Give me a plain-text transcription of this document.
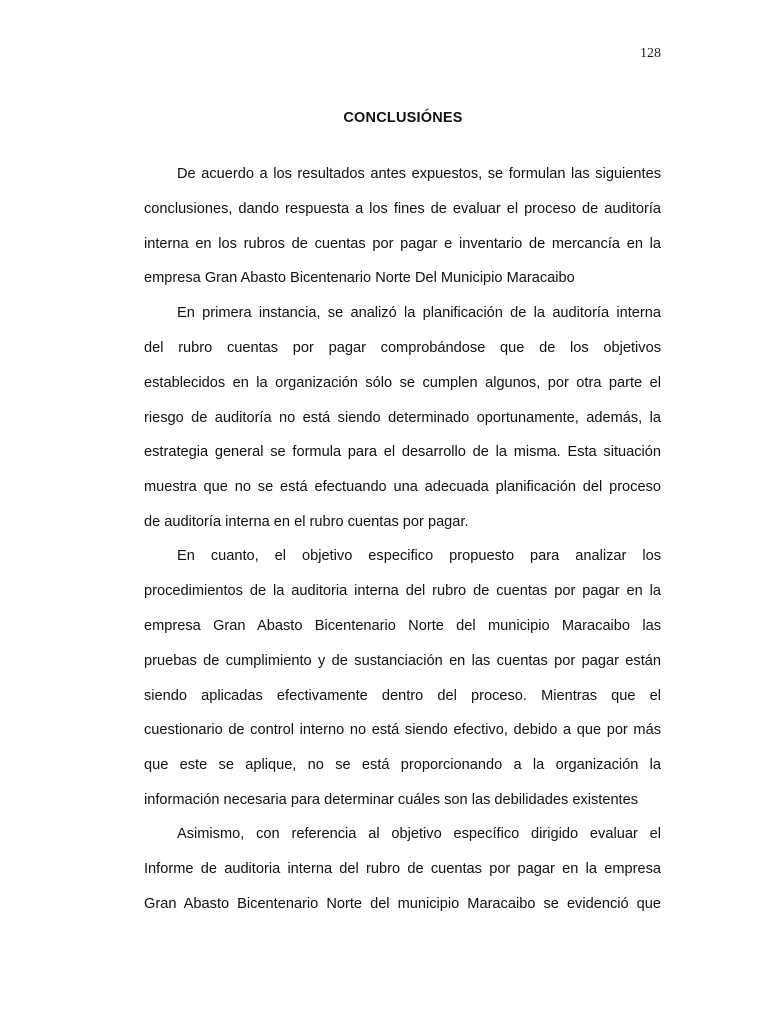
128
CONCLUSIÓNES
De acuerdo a los resultados antes expuestos, se formulan las siguientes
conclusiones, dando respuesta a los fines de evaluar el proceso de auditoría
interna en los rubros de cuentas por pagar e inventario de mercancía en la
empresa Gran Abasto Bicentenario Norte Del Municipio Maracaibo
En primera instancia, se analizó la planificación de la auditoría interna
del rubro cuentas por pagar comprobándose que de los objetivos
establecidos en la organización sólo se cumplen algunos, por otra parte el
riesgo de auditoría no está siendo determinado oportunamente, además, la
estrategia general se formula para el desarrollo de la misma. Esta situación
muestra que no se está efectuando una adecuada planificación del proceso
de auditoría interna en el rubro cuentas por pagar.
En cuanto, el objetivo especifico propuesto para analizar los
procedimientos de la auditoria interna del rubro de cuentas por pagar en la
empresa Gran Abasto Bicentenario Norte del municipio Maracaibo las
pruebas de cumplimiento y de sustanciación en las cuentas por pagar están
siendo aplicadas efectivamente dentro del proceso. Mientras que el
cuestionario de control interno no está siendo efectivo, debido a que por más
que este se aplique, no se está proporcionando a la organización la
información necesaria para determinar cuáles son las debilidades existentes
Asimismo, con referencia al objetivo específico dirigido evaluar el
Informe de auditoria interna del rubro de cuentas por pagar en la empresa
Gran Abasto Bicentenario Norte del municipio Maracaibo se evidenció que
